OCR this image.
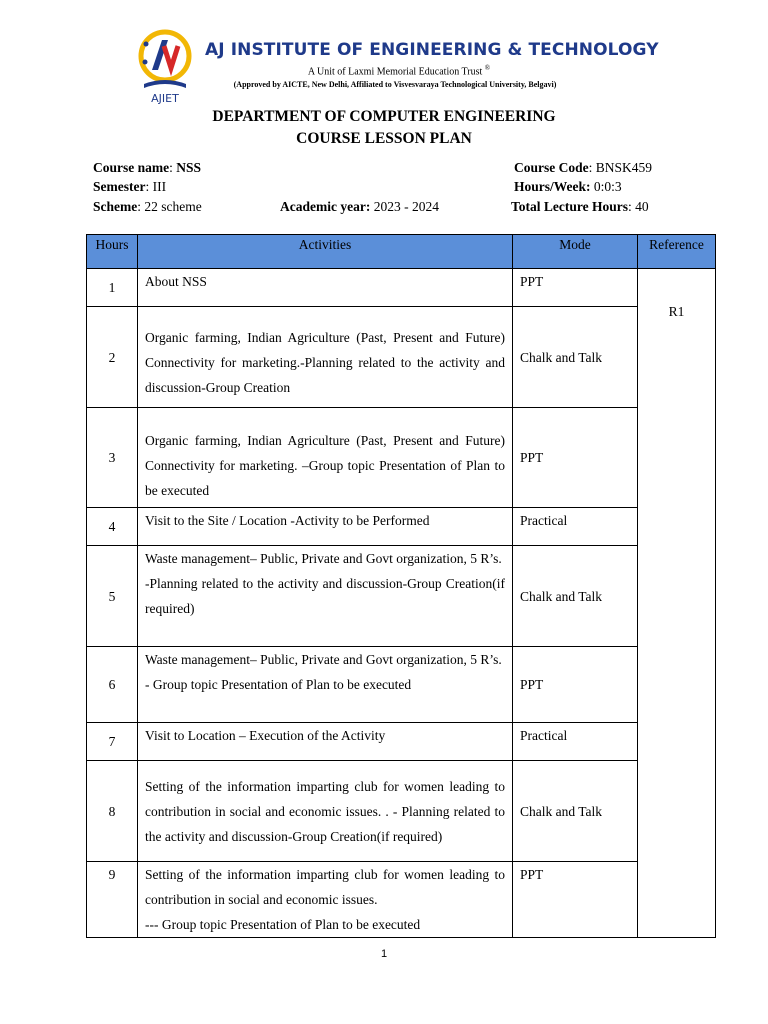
AJIET
AJ INSTITUTE OF ENGINEERING & TECHNOLOGY
A Unit of Laxmi Memorial Education Trust ®
(Approved by AICTE, New Delhi, Affiliated to Visvesvaraya Technological University, Belgavi)
DEPARTMENT OF COMPUTER ENGINEERING
COURSE LESSON PLAN
Course name: NSS	Course Code: BNSK459
Semester: III	Hours/Week: 0:0:3
Scheme: 22 scheme	Academic year: 2023 - 2024	Total Lecture Hours: 40
Hours	Activities	Mode	Reference
1	About NSS	PPT	R1
2	Organic farming, Indian Agriculture (Past, Present and Future) Connectivity for marketing.-Planning related to the activity and discussion-Group Creation	Chalk and Talk	
3	Organic farming, Indian Agriculture (Past, Present and Future) Connectivity for marketing. –Group topic Presentation of Plan to be executed	PPT	
4	Visit to the Site / Location -Activity to be Performed	Practical	
5	Waste management– Public, Private and Govt organization, 5 R’s.
-Planning related to the activity and discussion-Group Creation(if required)	Chalk and Talk	
6	Waste management– Public, Private and Govt organization, 5 R’s.
- Group topic Presentation of Plan to be executed	PPT	
7	Visit to Location – Execution of the Activity	Practical	
8	Setting of the information imparting club for women leading to contribution in social and economic issues. . - Planning related to the activity and discussion-Group Creation(if required)	Chalk and Talk	
9	Setting of the information imparting club for women leading to contribution in social and economic issues.
--- Group topic Presentation of Plan to be executed	PPT	
1
